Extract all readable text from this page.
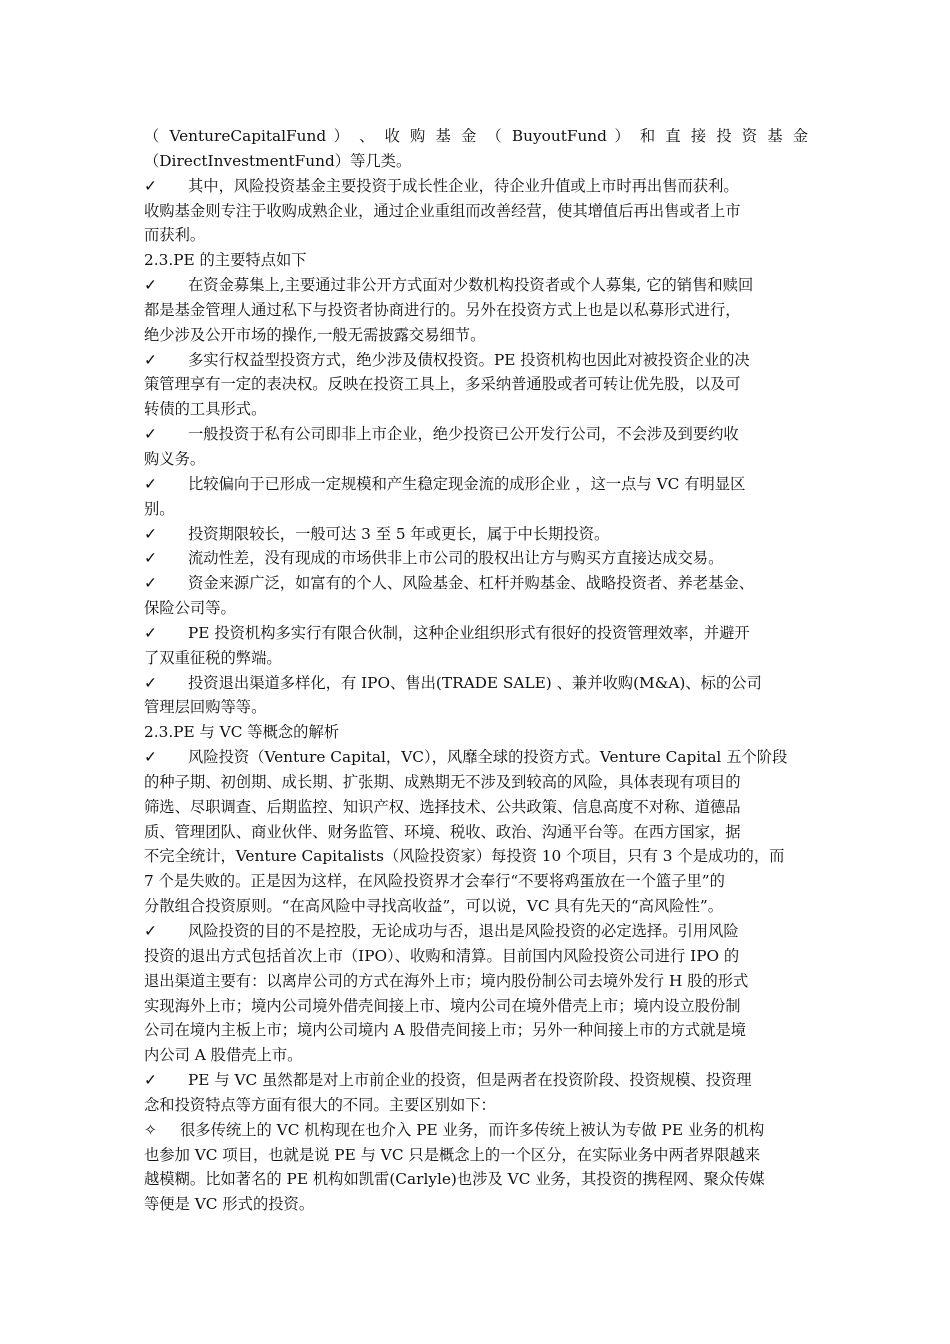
（ VentureCapitalFund ） 、 收 购 基 金 （ BuyoutFund ） 和 直 接 投 资 基 金
（DirectInvestmentFund）等几类。
✓ 其中，风险投资基金主要投资于成长性企业，待企业升值或上市时再出售而获利。
收购基金则专注于收购成熟企业，通过企业重组而改善经营，使其增值后再出售或者上市
而获利。
2.3.PE 的主要特点如下
✓ 在资金募集上,主要通过非公开方式面对少数机构投资者或个人募集, 它的销售和赎回
都是基金管理人通过私下与投资者协商进行的。另外在投资方式上也是以私募形式进行，
绝少涉及公开市场的操作,一般无需披露交易细节。
✓ 多实行权益型投资方式，绝少涉及债权投资。PE 投资机构也因此对被投资企业的决
策管理享有一定的表决权。反映在投资工具上，多采纳普通股或者可转让优先股，以及可
转债的工具形式。
✓ 一般投资于私有公司即非上市企业，绝少投资已公开发行公司，不会涉及到要约收
购义务。
✓ 比较偏向于已形成一定规模和产生稳定现金流的成形企业 ，这一点与 VC 有明显区
别。
✓ 投资期限较长，一般可达 3 至 5 年或更长，属于中长期投资。
✓ 流动性差，没有现成的市场供非上市公司的股权出让方与购买方直接达成交易。
✓ 资金来源广泛，如富有的个人、风险基金、杠杆并购基金、战略投资者、养老基金、
保险公司等。
✓ PE 投资机构多实行有限合伙制，这种企业组织形式有很好的投资管理效率，并避开
了双重征税的弊端。
✓ 投资退出渠道多样化，有 IPO、售出(TRADE SALE) 、兼并收购(M&A)、标的公司
管理层回购等等。
2.3.PE 与 VC 等概念的解析
✓ 风险投资（Venture Capital，VC），风靡全球的投资方式。Venture Capital 五个阶段
的种子期、初创期、成长期、扩张期、成熟期无不涉及到较高的风险，具体表现有项目的
筛选、尽职调查、后期监控、知识产权、选择技术、公共政策、信息高度不对称、道德品
质、管理团队、商业伙伴、财务监管、环境、税收、政治、沟通平台等。在西方国家，据
不完全统计，Venture Capitalists（风险投资家）每投资 10 个项目，只有 3 个是成功的，而
7 个是失败的。正是因为这样，在风险投资界才会奉行“不要将鸡蛋放在一个篮子里”的
分散组合投资原则。“在高风险中寻找高收益”，可以说，VC 具有先天的“高风险性”。
✓ 风险投资的目的不是控股，无论成功与否，退出是风险投资的必定选择。引用风险
投资的退出方式包括首次上市（IPO）、收购和清算。目前国内风险投资公司进行 IPO 的
退出渠道主要有：以离岸公司的方式在海外上市；境内股份制公司去境外发行 H 股的形式
实现海外上市；境内公司境外借壳间接上市、境内公司在境外借壳上市；境内设立股份制
公司在境内主板上市；境内公司境内 A 股借壳间接上市；另外一种间接上市的方式就是境
内公司 A 股借壳上市。
✓ PE 与 VC 虽然都是对上市前企业的投资，但是两者在投资阶段、投资规模、投资理
念和投资特点等方面有很大的不同。主要区别如下：
✧ 很多传统上的 VC 机构现在也介入 PE 业务，而许多传统上被认为专做 PE 业务的机构
也参加 VC 项目，也就是说 PE 与 VC 只是概念上的一个区分，在实际业务中两者界限越来
越模糊。比如著名的 PE 机构如凯雷(Carlyle)也涉及 VC 业务，其投资的携程网、聚众传媒
等便是 VC 形式的投资。
